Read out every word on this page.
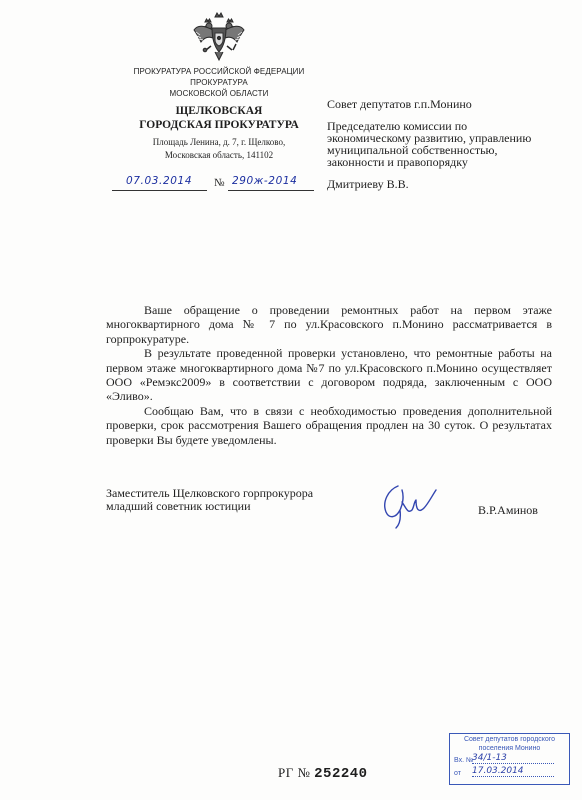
ПРОКУРАТУРА РОССИЙСКОЙ ФЕДЕРАЦИИ
ПРОКУРАТУРА
МОСКОВСКОЙ ОБЛАСТИ
ЩЕЛКОВСКАЯ
ГОРОДСКАЯ ПРОКУРАТУРА
Площадь Ленина, д. 7, г. Щелково,
Московская область, 141102
07.03.2014 № 290ж-2014
Совет депутатов г.п.Монино
Председателю комиссии по
экономическому развитию, управлению
муниципальной собственностью,
законности и правопорядку
Дмитриеву В.В.

Ваше обращение о проведении ремонтных работ на первом этаже многоквартирного дома № 7 по ул.Красовского п.Монино рассматривается в горпрокуратуре.

В результате проведенной проверки установлено, что ремонтные работы на первом этаже многоквартирного дома №7 по ул.Красовского п.Монино осуществляет ООО «Ремэкс2009» в соответствии с договором подряда, заключенным с ООО «Эливо».

Сообщаю Вам, что в связи с необходимостью проведения дополнительной проверки, срок рассмотрения Вашего обращения продлен на 30 суток. О результатах проверки Вы будете уведомлены.

Заместитель Щелковского горпрокурора
младший советник юстиции	В.Р.Аминов
РГ № 252240
Совет депутатов городского
поселения Монино
Вх. №
34/1-13
от 17.03.2014
